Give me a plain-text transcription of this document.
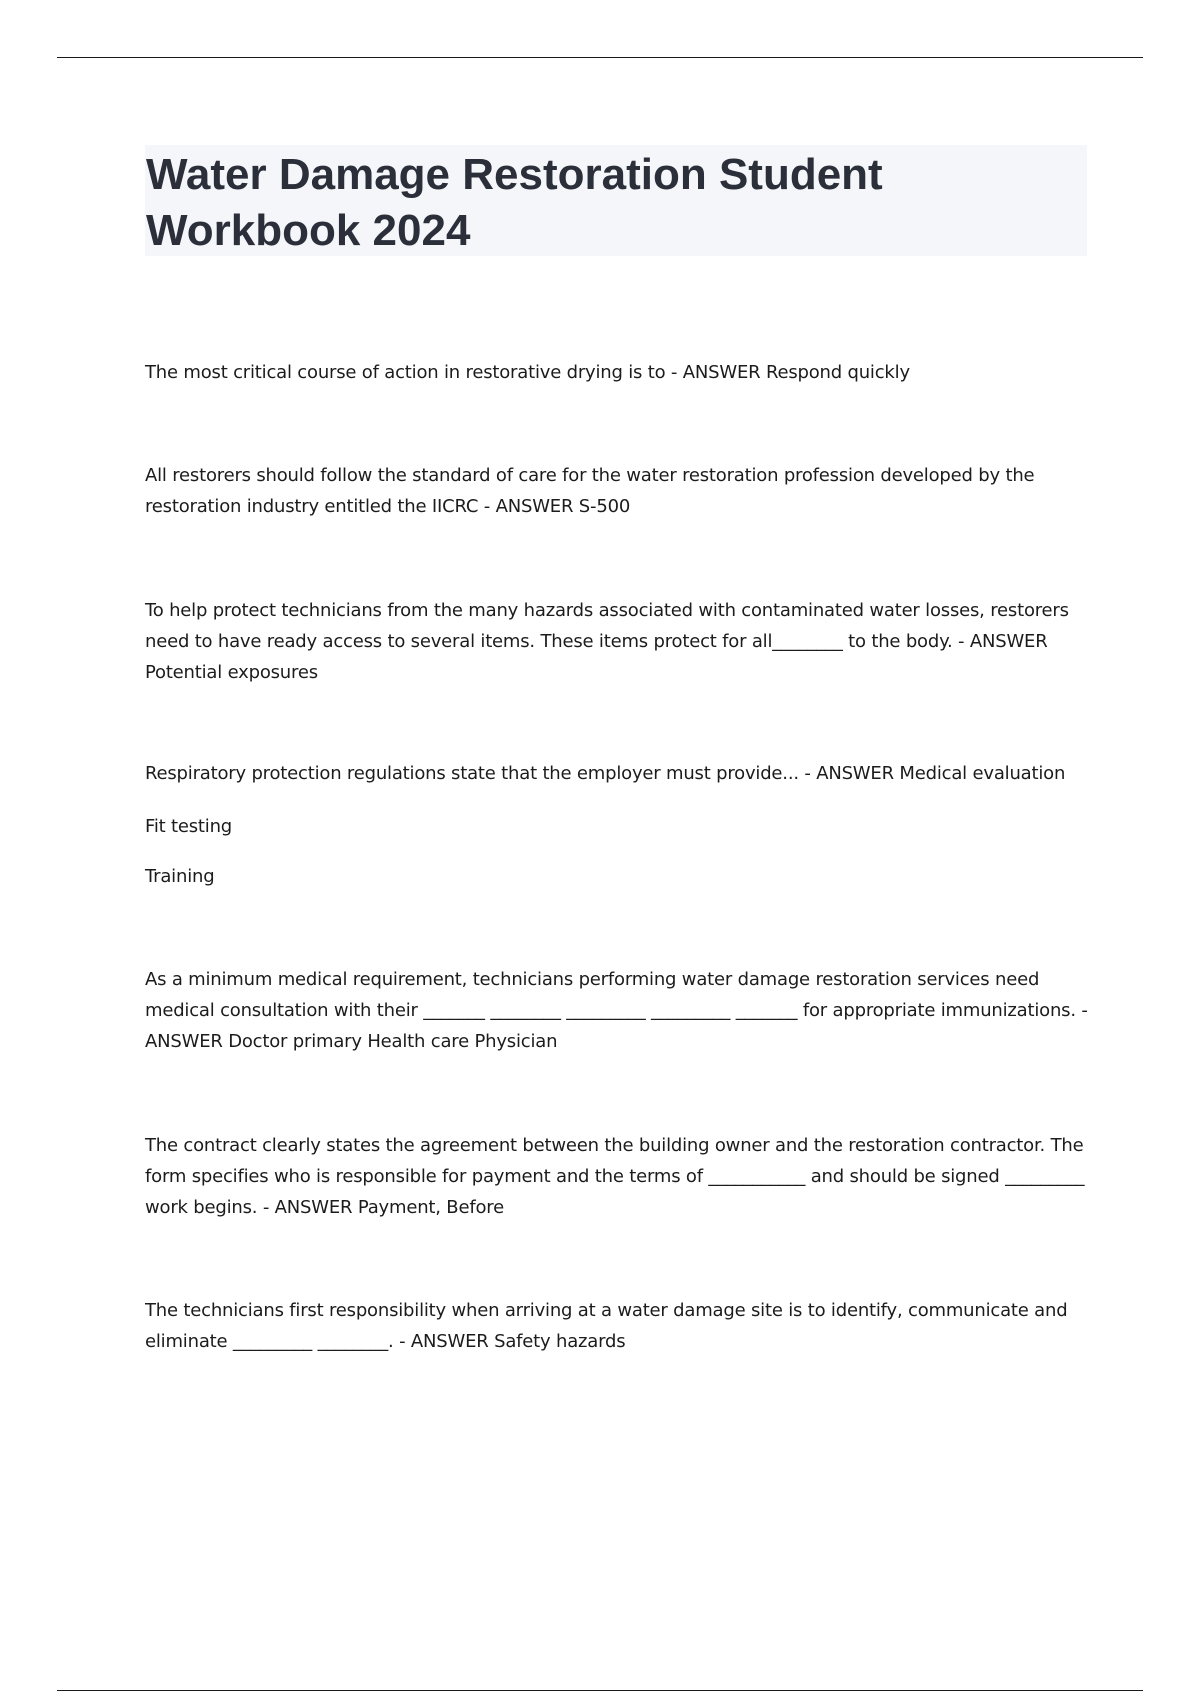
Water Damage Restoration Student Workbook 2024

The most critical course of action in restorative drying is to - ANSWER Respond quickly

All restorers should follow the standard of care for the water restoration profession developed by the restoration industry entitled the IICRC - ANSWER S-500

To help protect technicians from the many hazards associated with contaminated water losses, restorers need to have ready access to several items. These items protect for all________ to the body. - ANSWER Potential exposures

Respiratory protection regulations state that the employer must provide... - ANSWER Medical evaluation

Fit testing

Training

As a minimum medical requirement, technicians performing water damage restoration services need medical consultation with their _______ ________ _________ _________ _______ for appropriate immunizations. - ANSWER Doctor primary Health care Physician

The contract clearly states the agreement between the building owner and the restoration contractor. The form specifies who is responsible for payment and the terms of ___________ and should be signed _________ work begins. - ANSWER Payment, Before

The technicians first responsibility when arriving at a water damage site is to identify, communicate and eliminate _________ ________. - ANSWER Safety hazards
